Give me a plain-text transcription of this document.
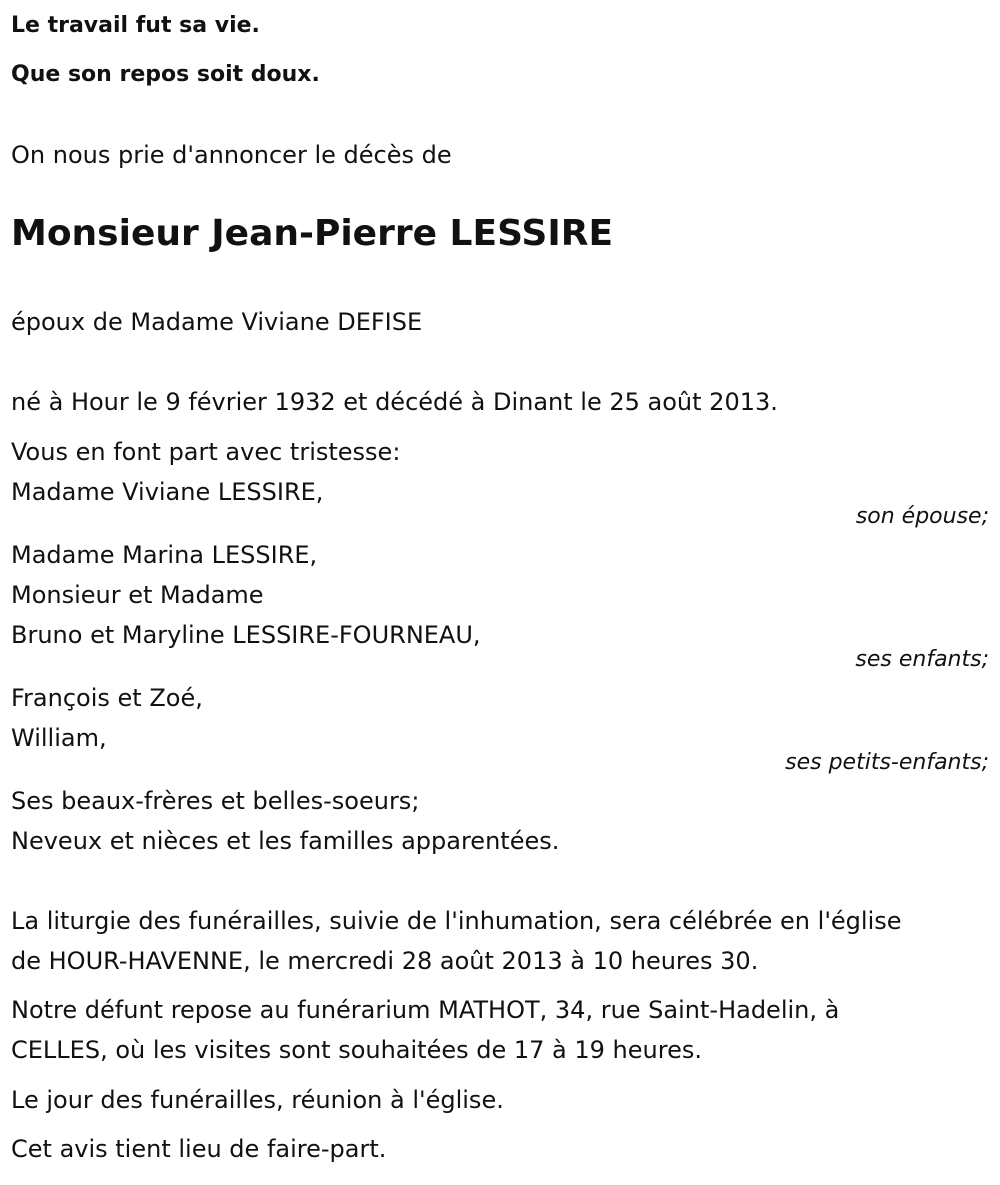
Le travail fut sa vie.
Que son repos soit doux.
On nous prie d'annoncer le décès de
Monsieur Jean-Pierre LESSIRE
époux de Madame Viviane DEFISE
né à Hour le 9 février 1932 et décédé à Dinant le 25 août 2013.
Vous en font part avec tristesse:
Madame Viviane LESSIRE,
son épouse;
Madame Marina LESSIRE,
Monsieur et Madame
Bruno et Maryline LESSIRE-FOURNEAU,
ses enfants;
François et Zoé,
William,
ses petits-enfants;
Ses beaux-frères et belles-soeurs;
Neveux et nièces et les familles apparentées.
La liturgie des funérailles, suivie de l'inhumation, sera célébrée en l'église
de HOUR-HAVENNE, le mercredi 28 août 2013 à 10 heures 30.
Notre défunt repose au funérarium MATHOT, 34, rue Saint-Hadelin, à
CELLES, où les visites sont souhaitées de 17 à 19 heures.
Le jour des funérailles, réunion à l'église.
Cet avis tient lieu de faire-part.
